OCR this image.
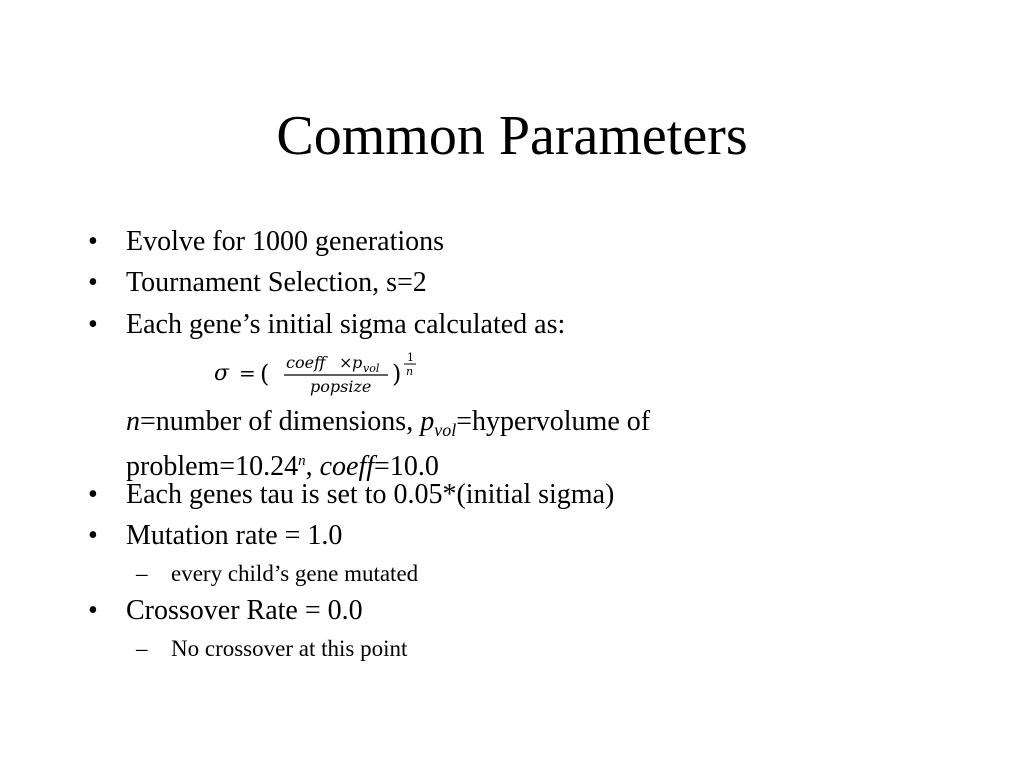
Common Parameters
• Evolve for 1000 generations
• Tournament Selection, s=2
• Each gene’s initial sigma calculated as:
σ = ( coeff × p vol
popsize )
1
n
n=number of dimensions, $p_{vol}=hypervolume$ of $problem=10.24^n$, coeff=10.0
• Each genes tau is set to 0.05*(initial sigma)
• Mutation rate = 1.0
– every child’s gene mutated
• Crossover Rate = 0.0
– No crossover at this point
